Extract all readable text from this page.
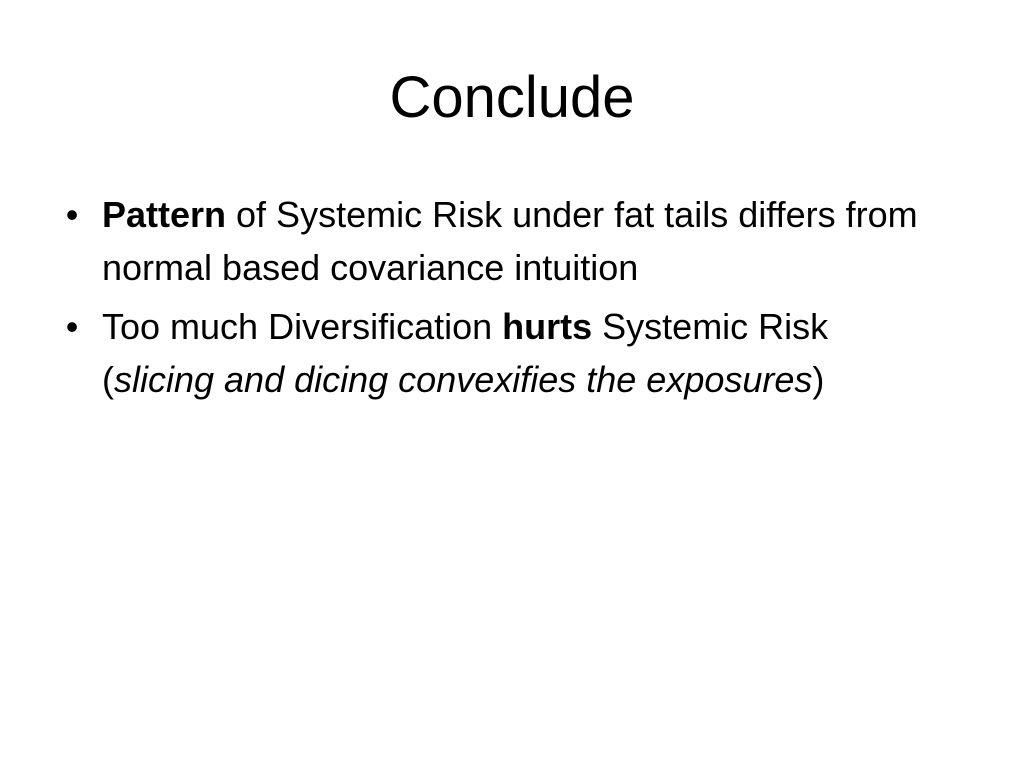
Conclude
• Pattern of Systemic Risk under fat tails differs from normal based covariance intuition
• Too much Diversification hurts Systemic Risk (slicing and dicing convexifies the exposures)
